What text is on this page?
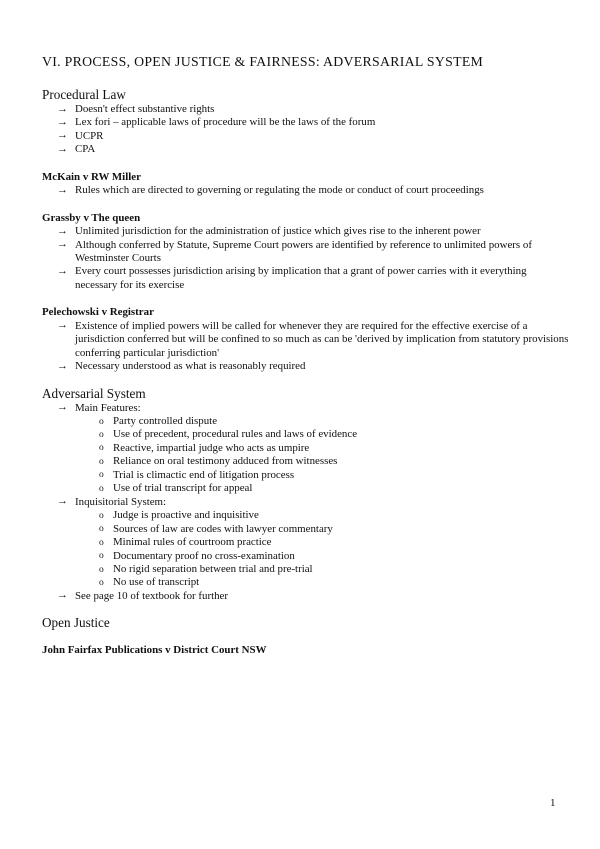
VI. PROCESS, OPEN JUSTICE & FAIRNESS: ADVERSARIAL SYSTEM
Procedural Law
→ Doesn't effect substantive rights
→ Lex fori – applicable laws of procedure will be the laws of the forum
→ UCPR
→ CPA
McKain v RW Miller
→ Rules which are directed to governing or regulating the mode or conduct of court proceedings
Grassby v The queen
→ Unlimited jurisdiction for the administration of justice which gives rise to the inherent power
→ Although conferred by Statute, Supreme Court powers are identified by reference to unlimited powers of Westminster Courts
→ Every court possesses jurisdiction arising by implication that a grant of power carries with it everything necessary for its exercise
Pelechowski v Registrar
→ Existence of implied powers will be called for whenever they are required for the effective exercise of a jurisdiction conferred but will be confined to so much as can be 'derived by implication from statutory provisions conferring particular jurisdiction'
→ Necessary understood as what is reasonably required
Adversarial System
→ Main Features:
o Party controlled dispute
o Use of precedent, procedural rules and laws of evidence
o Reactive, impartial judge who acts as umpire
o Reliance on oral testimony adduced from witnesses
o Trial is climactic end of litigation process
o Use of trial transcript for appeal
→ Inquisitorial System:
o Judge is proactive and inquisitive
o Sources of law are codes with lawyer commentary
o Minimal rules of courtroom practice
o Documentary proof no cross-examination
o No rigid separation between trial and pre-trial
o No use of transcript
→ See page 10 of textbook for further
Open Justice
John Fairfax Publications v District Court NSW
1
